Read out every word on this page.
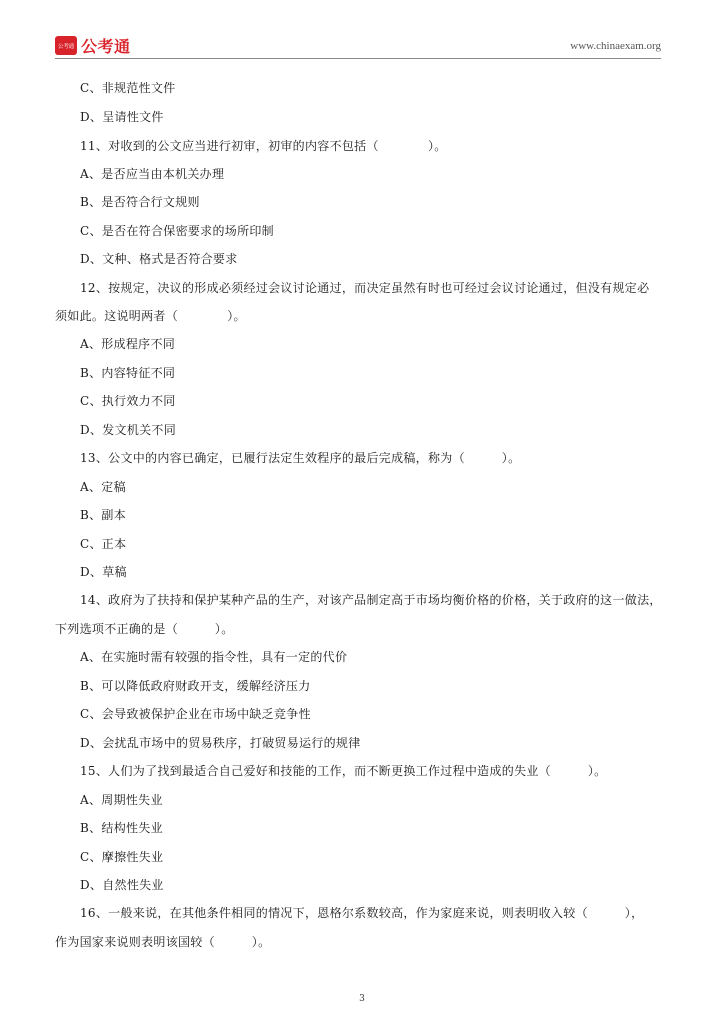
公考通 公考通	www.chinaexam.org
C、非规范性文件
D、呈请性文件
11、对收到的公文应当进行初审，初审的内容不包括（　　　　）。
A、是否应当由本机关办理
B、是否符合行文规则
C、是否在符合保密要求的场所印制
D、文种、格式是否符合要求
12、按规定，决议的形成必须经过会议讨论通过，而决定虽然有时也可经过会议讨论通过，但没有规定必
须如此。这说明两者（　　　　）。
A、形成程序不同
B、内容特征不同
C、执行效力不同
D、发文机关不同
13、公文中的内容已确定，已履行法定生效程序的最后完成稿，称为（　　　）。
A、定稿
B、副本
C、正本
D、草稿
14、政府为了扶持和保护某种产品的生产，对该产品制定高于市场均衡价格的价格，关于政府的这一做法，
下列选项不正确的是（　　　）。
A、在实施时需有较强的指令性，具有一定的代价
B、可以降低政府财政开支，缓解经济压力
C、会导致被保护企业在市场中缺乏竞争性
D、会扰乱市场中的贸易秩序，打破贸易运行的规律
15、人们为了找到最适合自己爱好和技能的工作，而不断更换工作过程中造成的失业（　　　）。
A、周期性失业
B、结构性失业
C、摩擦性失业
D、自然性失业
16、一般来说，在其他条件相同的情况下，恩格尔系数较高，作为家庭来说，则表明收入较（　　　），
作为国家来说则表明该国较（　　　）。
3
